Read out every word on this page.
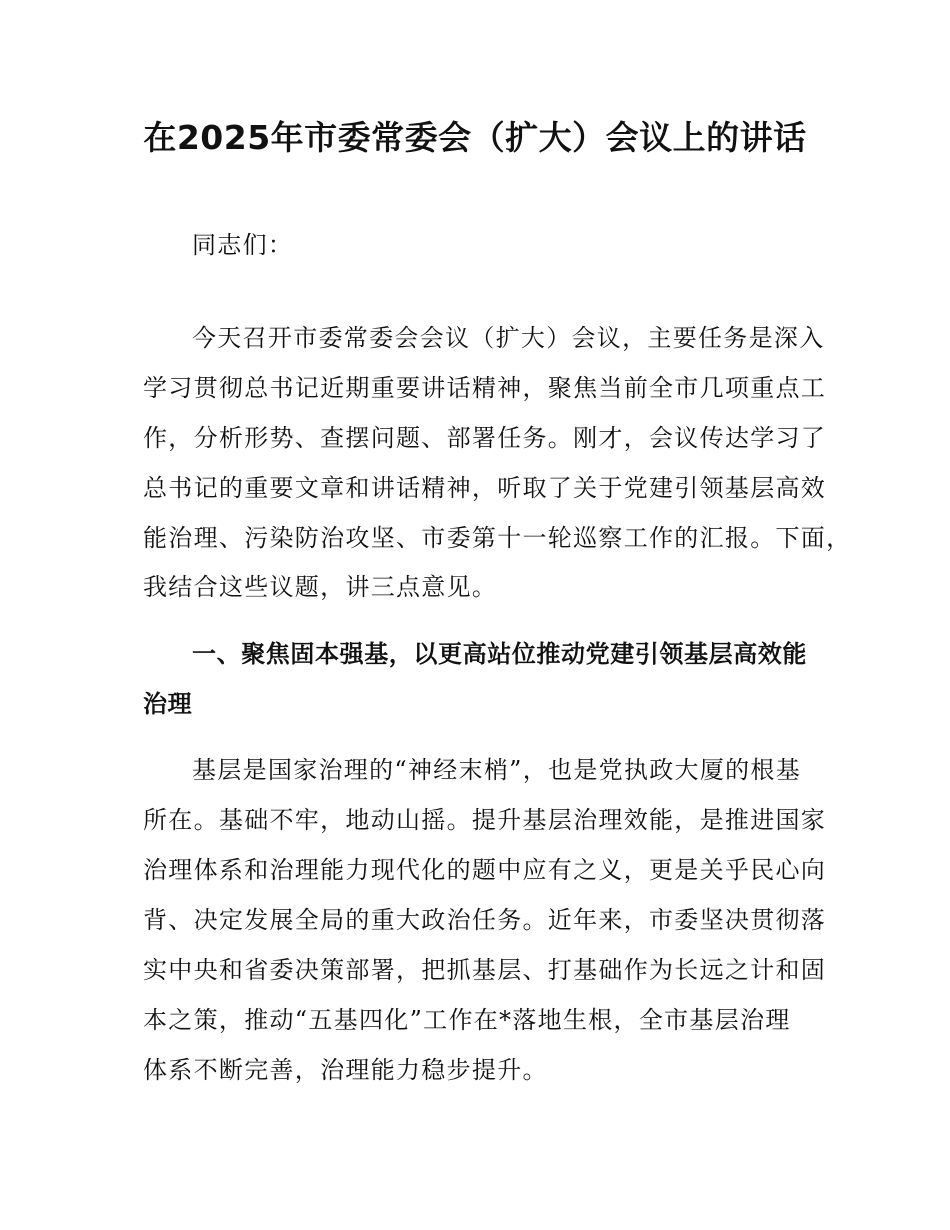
在2025年市委常委会（扩大）会议上的讲话
同志们：
今天召开市委常委会会议（扩大）会议，主要任务是深入
学习贯彻总书记近期重要讲话精神，聚焦当前全市几项重点工
作，分析形势、查摆问题、部署任务。刚才，会议传达学习了
总书记的重要文章和讲话精神，听取了关于党建引领基层高效
能治理、污染防治攻坚、市委第十一轮巡察工作的汇报。下面，
我结合这些议题，讲三点意见。
一、聚焦固本强基，以更高站位推动党建引领基层高效能
治理
基层是国家治理的“神经末梢”，也是党执政大厦的根基
所在。基础不牢，地动山摇。提升基层治理效能，是推进国家
治理体系和治理能力现代化的题中应有之义，更是关乎民心向
背、决定发展全局的重大政治任务。近年来，市委坚决贯彻落
实中央和省委决策部署，把抓基层、打基础作为长远之计和固
本之策，推动“五基四化”工作在*落地生根，全市基层治理
体系不断完善，治理能力稳步提升。
